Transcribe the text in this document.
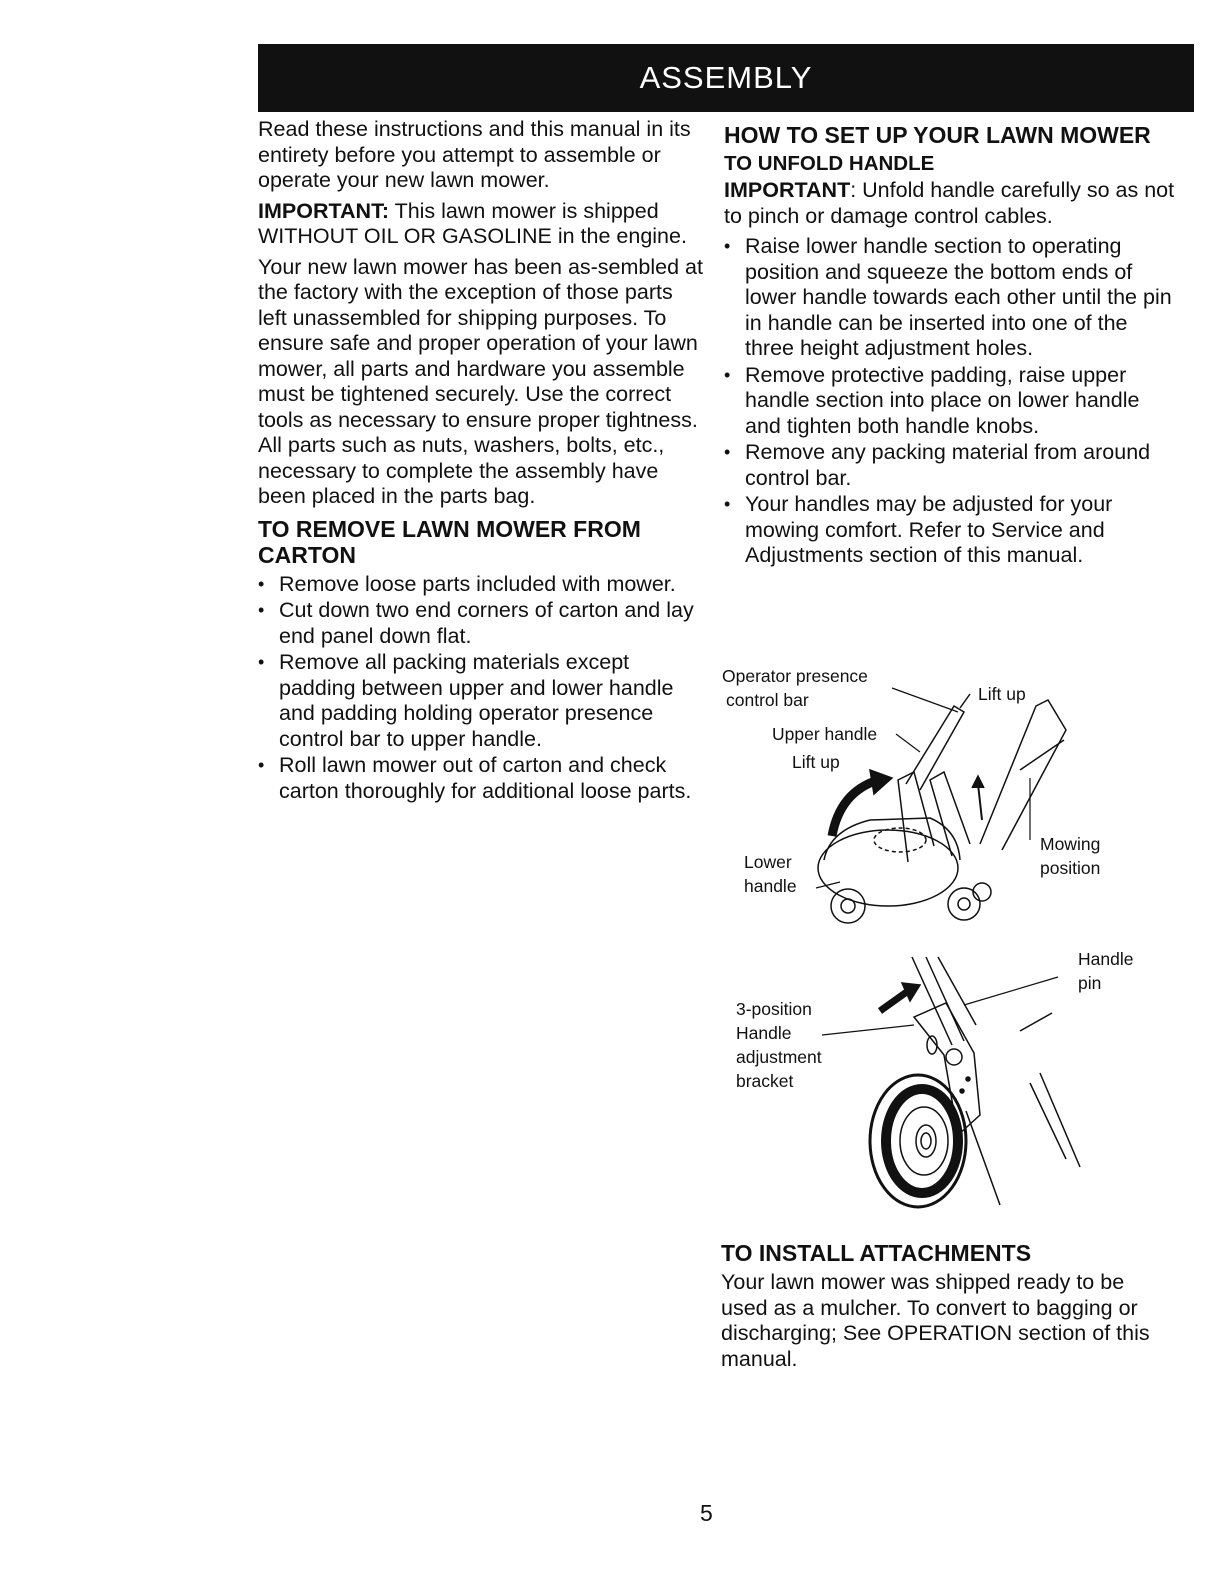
ASSEMBLY

Read these instructions and this manual in its entirety before you attempt to assemble or operate your new lawn mower.

IMPORTANT: This lawn mower is shipped WITHOUT OIL OR GASOLINE in the engine.

Your new lawn mower has been as-sembled at the factory with the exception of those parts left unassembled for shipping purposes. To ensure safe and proper operation of your lawn mower, all parts and hardware you assemble must be tightened securely. Use the correct tools as necessary to ensure proper tightness. All parts such as nuts, washers, bolts, etc., necessary to complete the assembly have been placed in the parts bag.

TO REMOVE LAWN MOWER FROM CARTON
• Remove loose parts included with mower.
• Cut down two end corners of carton and lay end panel down flat.
• Remove all packing materials except padding between upper and lower handle and padding holding operator presence control bar to upper handle.
• Roll lawn mower out of carton and check carton thoroughly for additional loose parts.
HOW TO SET UP YOUR LAWN MOWER
TO UNFOLD HANDLE

IMPORTANT: Unfold handle carefully so as not to pinch or damage control cables.

• Raise lower handle section to operating position and squeeze the bottom ends of lower handle towards each other until the pin in handle can be inserted into one of the three height adjustment holes.
• Remove protective padding, raise upper handle section into place on lower handle and tighten both handle knobs.
• Remove any packing material from around control bar.
• Your handles may be adjusted for your mowing comfort. Refer to Service and Adjustments section of this manual.
Operator presence
control bar
Upper handle
Lift up
Lift up
Lower
handle
Mowing
position
Handle
pin
3-position
Handle
adjustment
bracket
TO INSTALL ATTACHMENTS

Your lawn mower was shipped ready to be used as a mulcher. To convert to bagging or discharging; See OPERATION section of this manual.

5
